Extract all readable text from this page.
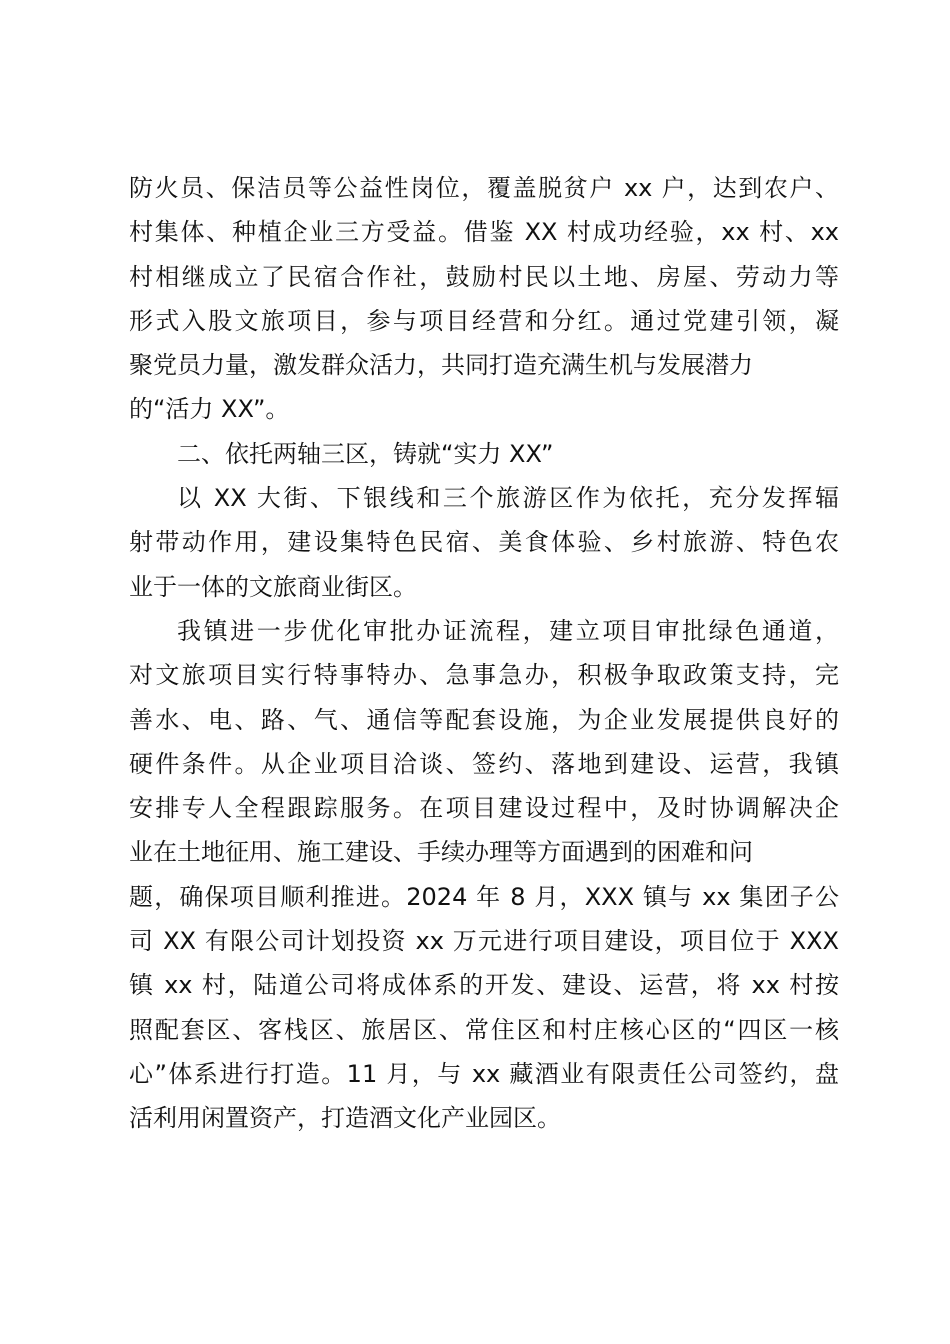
防火员、保洁员等公益性岗位，覆盖脱贫户 xx 户，达到农户、
村集体、种植企业三方受益。借鉴 XX 村成功经验，xx 村、xx
村相继成立了民宿合作社，鼓励村民以土地、房屋、劳动力等
形式入股文旅项目，参与项目经营和分红。通过党建引领，凝
聚党员力量，激发群众活力，共同打造充满生机与发展潜力
的“活力 XX”。
二、依托两轴三区，铸就“实力 XX”
以 XX 大街、下银线和三个旅游区作为依托，充分发挥辐
射带动作用，建设集特色民宿、美食体验、乡村旅游、特色农
业于一体的文旅商业街区。
我镇进一步优化审批办证流程，建立项目审批绿色通道，
对文旅项目实行特事特办、急事急办，积极争取政策支持，完
善水、电、路、气、通信等配套设施，为企业发展提供良好的
硬件条件。从企业项目洽谈、签约、落地到建设、运营，我镇
安排专人全程跟踪服务。在项目建设过程中，及时协调解决企
业在土地征用、施工建设、手续办理等方面遇到的困难和问
题，确保项目顺利推进。2024 年 8 月，XXX 镇与 xx 集团子公
司 XX 有限公司计划投资 xx 万元进行项目建设，项目位于 XXX
镇 xx 村，陆道公司将成体系的开发、建设、运营，将 xx 村按
照配套区、客栈区、旅居区、常住区和村庄核心区的“四区一核
心”体系进行打造。11 月，与 xx 藏酒业有限责任公司签约，盘
活利用闲置资产，打造酒文化产业园区。
